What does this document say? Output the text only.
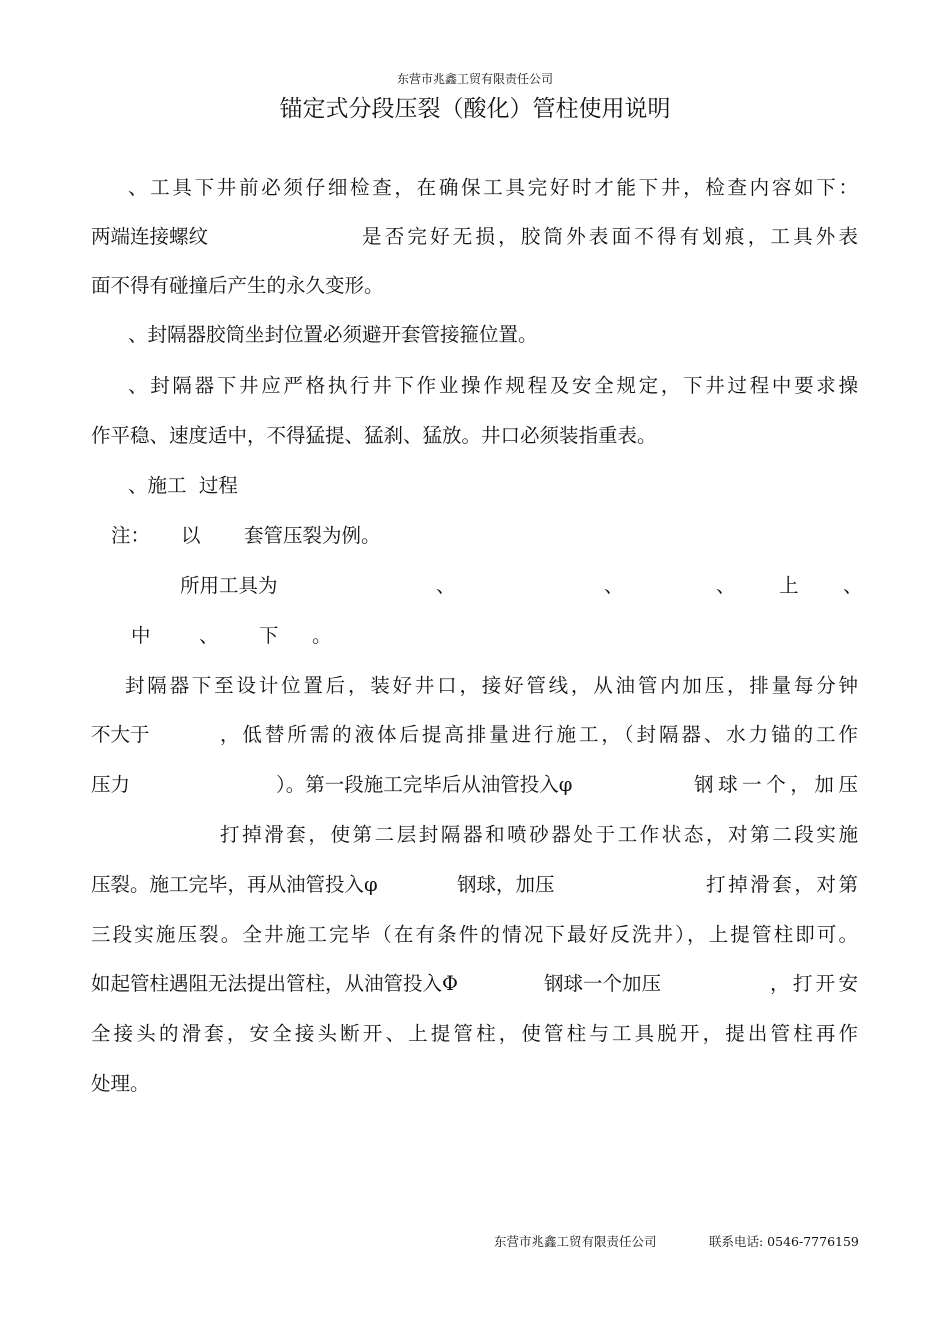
东营市兆鑫工贸有限责任公司
锚定式分段压裂（酸化）管柱使用说明
、工具下井前必须仔细检查，在确保工具完好时才能下井，检查内容如下：
两端连接螺纹	是否完好无损，胶筒外表面不得有划痕，工具外表
面不得有碰撞后产生的永久变形。
、封隔器胶筒坐封位置必须避开套管接箍位置。
、封隔器下井应严格执行井下作业操作规程及安全规定，下井过程中要求操
作平稳、速度适中，不得猛提、猛刹、猛放。井口必须装指重表。
、施工  过程
注： 以 套管压裂为例。
所用工具为	、	、	、 上 、
中 、 下 。
封隔器下至设计位置后，装好井口，接好管线，从油管内加压，排量每分钟
不大于	，低替所需的液体后提高排量进行施工，（封隔器、水力锚的工作
压力	）。第一段施工完毕后从油管投入φ	钢球一个，加压
打掉滑套，使第二层封隔器和喷砂器处于工作状态，对第二段实施
压裂。施工完毕，再从油管投入φ	钢球，加压	打掉滑套，对第
三段实施压裂。全井施工完毕（在有条件的情况下最好反洗井），上提管柱即可。
如起管柱遇阻无法提出管柱，从油管投入Φ	钢球一个加压	，打开安
全接头的滑套，安全接头断开、上提管柱，使管柱与工具脱开，提出管柱再作
处理。
东营市兆鑫工贸有限责任公司	联系电话: 0546-7776159
